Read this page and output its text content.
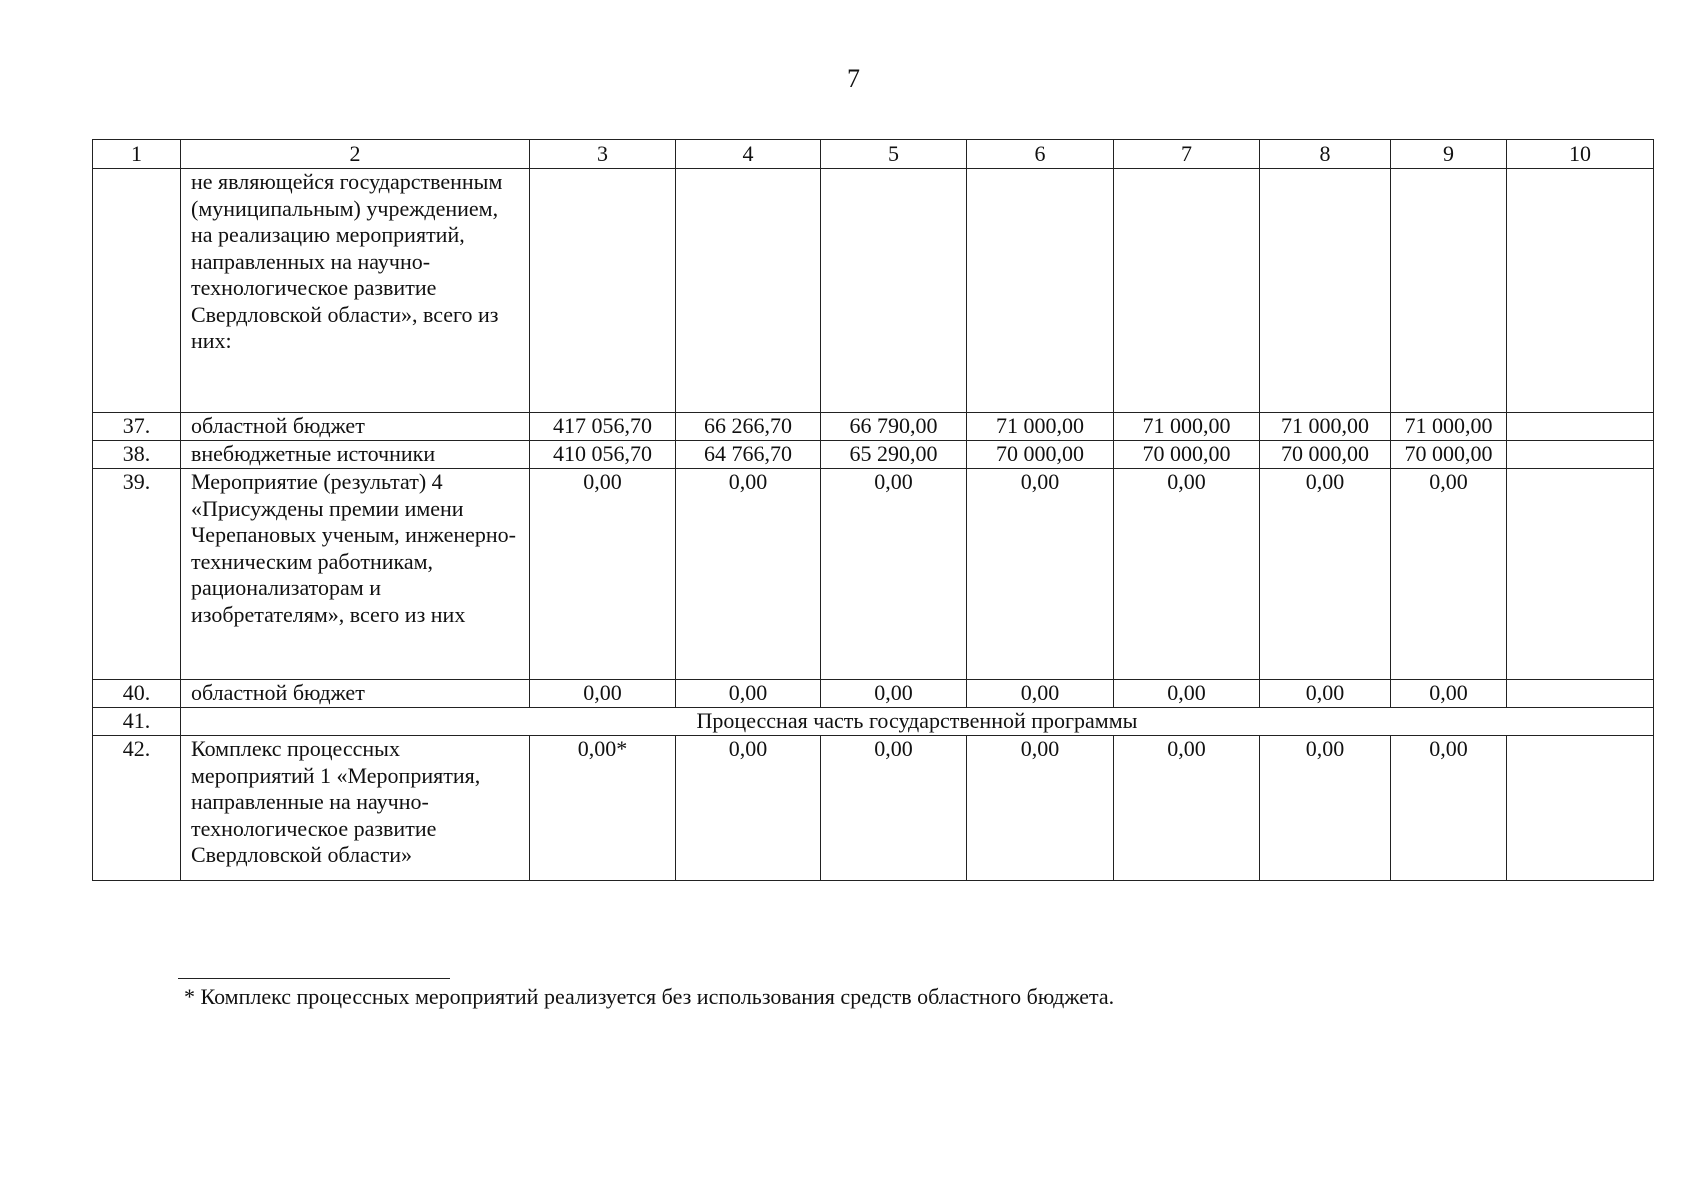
7
1	2	3	4	5	6	7	8	9	10
	не являющейся государственным (муниципальным) учреждением, на реализацию мероприятий, направленных на научно-технологическое развитие Свердловской области», всего из них:								
37.	областной бюджет	417 056,70	66 266,70	66 790,00	71 000,00	71 000,00	71 000,00	71 000,00	
38.	внебюджетные источники	410 056,70	64 766,70	65 290,00	70 000,00	70 000,00	70 000,00	70 000,00	
39.	Мероприятие (результат) 4 «Присуждены премии имени Черепановых ученым, инженерно-техническим работникам, рационализаторам и изобретателям», всего из них	0,00	0,00	0,00	0,00	0,00	0,00	0,00	
40.	областной бюджет	0,00	0,00	0,00	0,00	0,00	0,00	0,00	
41.	Процессная часть государственной программы								
42.	Комплекс процессных мероприятий 1 «Мероприятия, направленные на научно-технологическое развитие Свердловской области»	0,00*	0,00	0,00	0,00	0,00	0,00	0,00	
* Комплекс процессных мероприятий реализуется без использования средств областного бюджета.
